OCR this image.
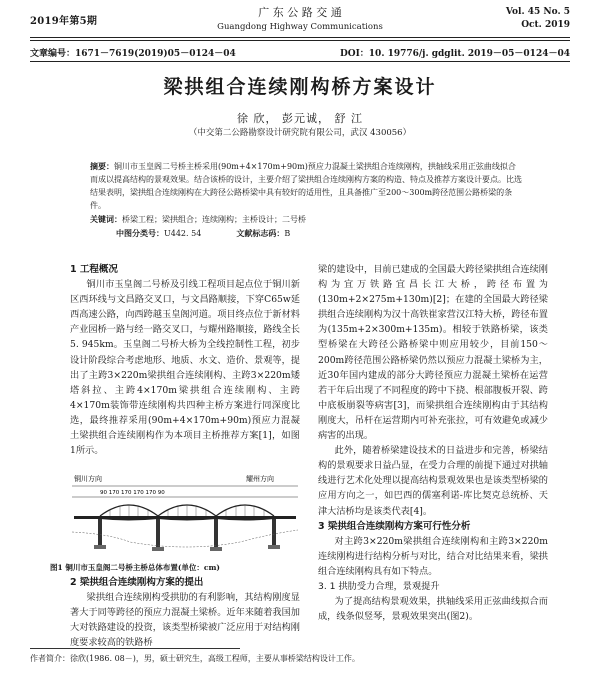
2019年第5期
广 东 公 路 交 通
Guangdong Highway Communications
Vol. 45 No. 5
Oct. 2019
文章编号：1671－7619(2019)05－0124－04	DOI：10. 19776/j. gdglit. 2019－05－0124－04
梁拱组合连续刚构桥方案设计
徐 欣， 彭元诚， 舒 江
（中交第二公路勘察设计研究院有限公司，武汉 430056）
摘要：铜川市玉皇阁二号桥主桥采用(90m+4×170m+90m)预应力混凝土梁拱组合连续刚构，拱轴线采用正弦曲线拟合而成以提高结构的景观效果。结合该桥的设计，主要介绍了梁拱组合连续刚构方案的构造、特点及推荐方案设计要点。比选结果表明，梁拱组合连续刚构在大跨径公路桥梁中具有较好的适用性，且具备推广至200～300m跨径范围公路桥梁的条件。
关键词：桥梁工程；梁拱组合；连续刚构；主桥设计；二号桥
中图分类号：U442. 54	文献标志码：B

1 工程概况

铜川市玉皇阁二号桥及引线工程项目起点位于铜川新区西环线与文昌路交叉口，与文昌路顺接，下穿C65w延西高速公路，向西跨越玉皇阁河道。项目终点位于新材料产业园桥一路与经一路交叉口，与耀州路顺接，路线全长5. 945km。玉皇阁二号桥大桥为全线控制性工程，初步设计阶段综合考虑地形、地质、水文、造价、景观等，提出了主跨3×220m梁拱组合连续刚构、主跨3×220m矮塔斜拉、主跨4×170m梁拱组合连续刚构、主跨4×170m装饰带连续刚构共四种主桥方案进行同深度比选，最终推荐采用(90m+4×170m+90m)预应力混凝土梁拱组合连续刚构作为本项目主桥推荐方案[1]，如图1所示。

铜川方向	耀州方向
90 170 170 170 170 90
图1 铜川市玉皇阁二号桥主桥总体布置(单位：cm)

2 梁拱组合连续刚构方案的提出

梁拱组合连续刚构受拱肋的有利影响，其结构刚度显著大于同等跨径的预应力混凝土梁桥。近年来随着我国加大对铁路建设的投资，该类型桥梁被广泛应用于对结构刚度要求较高的铁路桥

梁的建设中，目前已建成的全国最大跨径梁拱组合连续刚构为宜万铁路宜昌长江大桥，跨径布置为(130m+2×275m+130m)[2]；在建的全国最大跨径梁拱组合连续刚构为汉十高铁崔家营汉江特大桥，跨径布置为(135m+2×300m+135m)。相较于铁路桥梁，该类型桥梁在大跨径公路桥梁中则应用较少，目前150～200m跨径范围公路桥梁仍然以预应力混凝土梁桥为主，近30年国内建成的部分大跨径预应力混凝土梁桥在运营若干年后出现了不同程度的跨中下挠、根部腹板开裂、跨中底板崩裂等病害[3]，而梁拱组合连续刚构由于其结构刚度大，吊杆在运营期内可补充张拉，可有效避免或减少病害的出现。

此外，随着桥梁建设技术的日益进步和完善，桥梁结构的景观要求日益凸显，在受力合理的前提下通过对拱轴线进行艺术化处理以提高结构景观效果也是该类型桥梁的应用方向之一，如巴西的儒塞利诺-库比契克总统桥、天津大沽桥均是该类代表[4]。

3 梁拱组合连续刚构方案可行性分析

对主跨3×220m梁拱组合连续刚构和主跨3×220m连续刚构进行结构分析与对比，结合对比结果来看，梁拱组合连续刚构具有如下特点。

3. 1 拱肋受力合理，景观提升

为了提高结构景观效果，拱轴线采用正弦曲线拟合而成，线条似竖琴，景观效果突出(图2)。

作者简介：徐欣(1986. 08－)，男，硕士研究生，高级工程师，主要从事桥梁结构设计工作。
